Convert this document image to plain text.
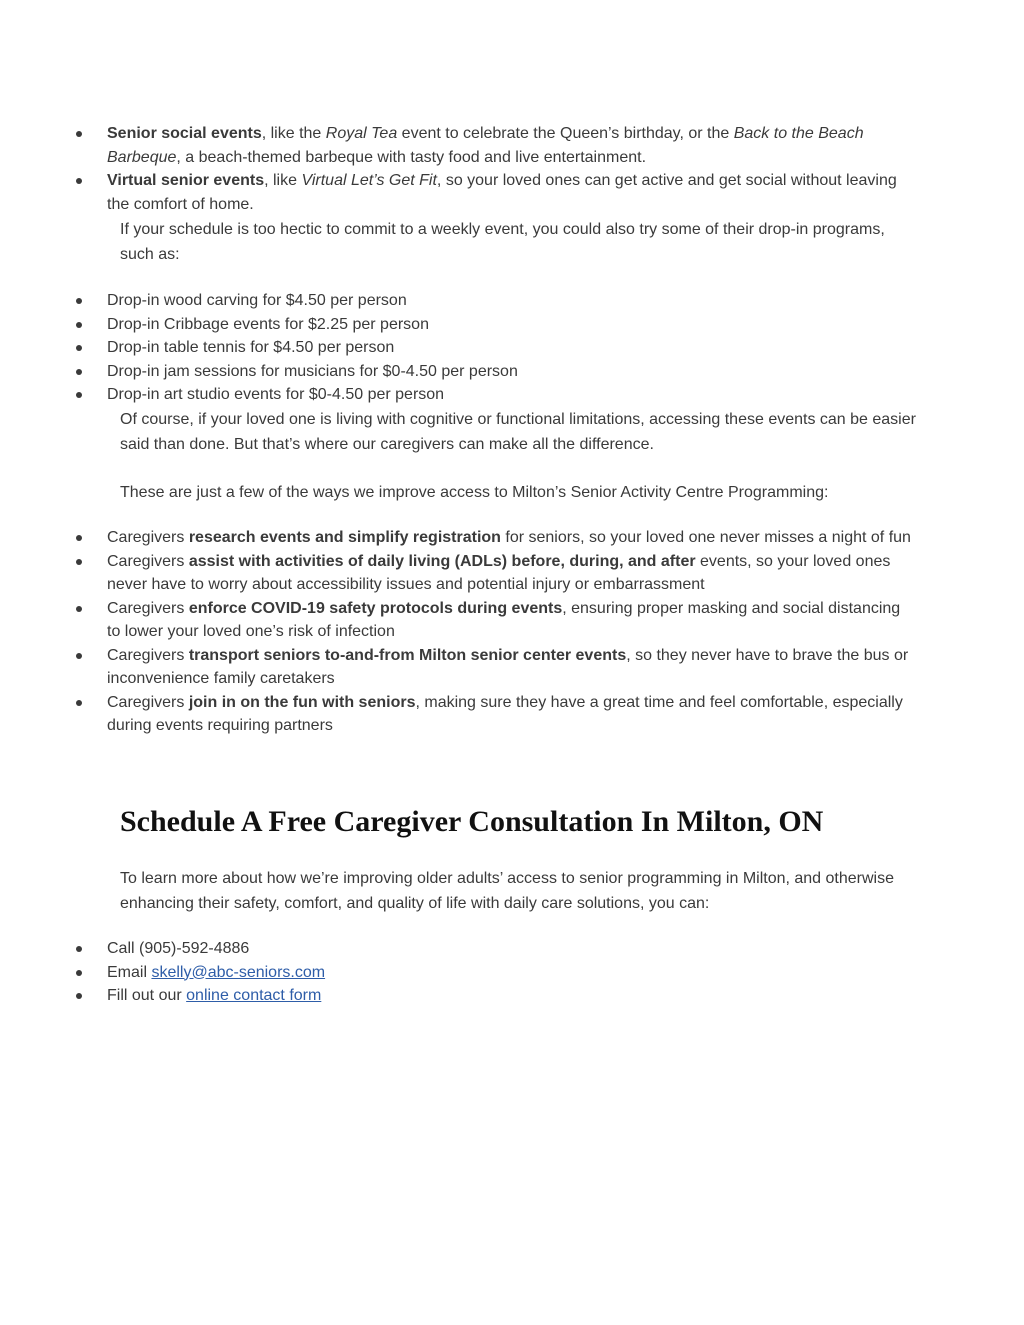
Senior social events, like the Royal Tea event to celebrate the Queen’s birthday, or the Back to the Beach Barbeque, a beach-themed barbeque with tasty food and live entertainment.
Virtual senior events, like Virtual Let’s Get Fit, so your loved ones can get active and get social without leaving the comfort of home.

If your schedule is too hectic to commit to a weekly event, you could also try some of their drop-in programs, such as:

Drop-in wood carving for $4.50 per person
Drop-in Cribbage events for $2.25 per person
Drop-in table tennis for $4.50 per person
Drop-in jam sessions for musicians for $0-4.50 per person
Drop-in art studio events for $0-4.50 per person

Of course, if your loved one is living with cognitive or functional limitations, accessing these events can be easier said than done. But that’s where our caregivers can make all the difference.

These are just a few of the ways we improve access to Milton’s Senior Activity Centre Programming:

Caregivers research events and simplify registration for seniors, so your loved one never misses a night of fun
Caregivers assist with activities of daily living (ADLs) before, during, and after events, so your loved ones never have to worry about accessibility issues and potential injury or embarrassment
Caregivers enforce COVID-19 safety protocols during events, ensuring proper masking and social distancing to lower your loved one’s risk of infection
Caregivers transport seniors to-and-from Milton senior center events, so they never have to brave the bus or inconvenience family caretakers
Caregivers join in on the fun with seniors, making sure they have a great time and feel comfortable, especially during events requiring partners
Schedule A Free Caregiver Consultation In Milton, ON

To learn more about how we’re improving older adults’ access to senior programming in Milton, and otherwise enhancing their safety, comfort, and quality of life with daily care solutions, you can:

Call (905)-592-4886
Email skelly@abc-seniors.com
Fill out our online contact form
